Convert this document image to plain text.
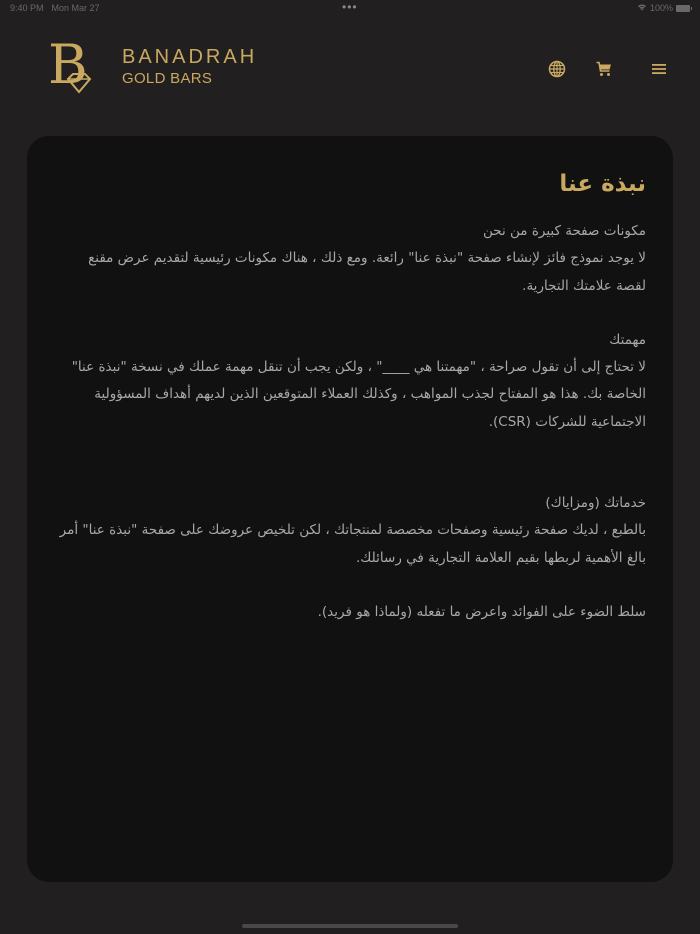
9:40 PM Mon Mar 27	•••	100%
B BANADRAH
GOLD BARS
نبذة عنا
مكونات صفحة كبيرة من نحن
لا يوجد نموذج فائز لإنشاء صفحة "نبذة عنا" رائعة. ومع ذلك ، هناك مكونات رئيسية لتقديم عرض مقنع لقصة علامتك التجارية.
مهمتك
لا تحتاج إلى أن تقول صراحة ، "مهمتنا هي ____" ، ولكن يجب أن تنقل مهمة عملك في نسخة "نبذة عنا" الخاصة بك. هذا هو المفتاح لجذب المواهب ، وكذلك العملاء المتوقعين الذين لديهم أهداف المسؤولية الاجتماعية للشركات (CSR).
خدماتك (ومزاياك)
بالطبع ، لديك صفحة رئيسية وصفحات مخصصة لمنتجاتك ، لكن تلخيص عروضك على صفحة "نبذة عنا" أمر بالغ الأهمية لربطها بقيم العلامة التجارية في رسائلك.
سلط الضوء على الفوائد واعرض ما تفعله (ولماذا هو فريد).
